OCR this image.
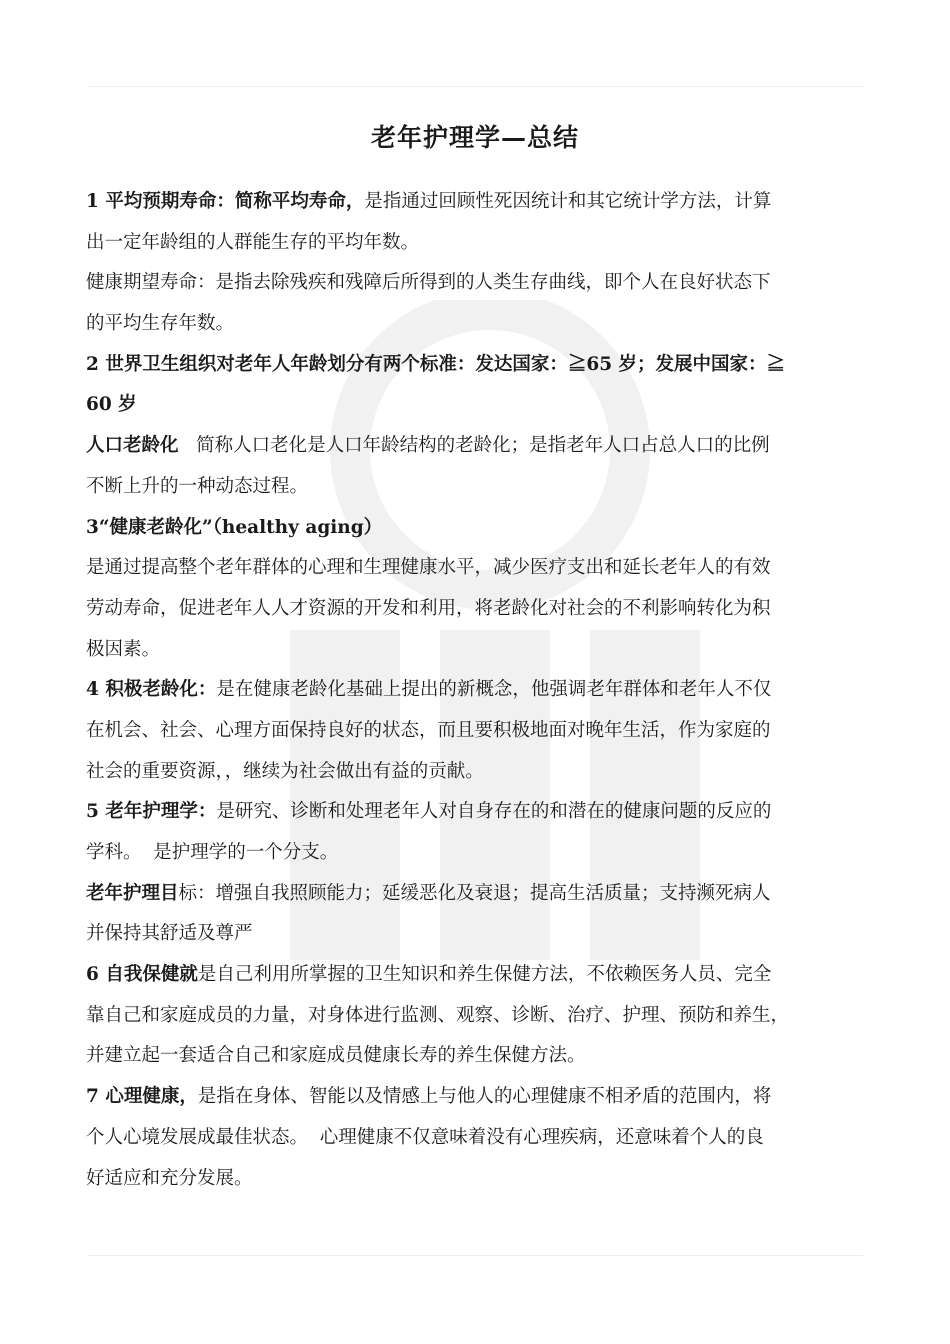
老年护理学—总结
1 平均预期寿命：简称平均寿命，是指通过回顾性死因统计和其它统计学方法，计算
出一定年龄组的人群能生存的平均年数。
健康期望寿命：是指去除残疾和残障后所得到的人类生存曲线，即个人在良好状态下
的平均生存年数。
2 世界卫生组织对老年人年龄划分有两个标准：发达国家：≧65 岁；发展中国家：≧
60 岁
人口老龄化   简称人口老化是人口年龄结构的老龄化；是指老年人口占总人口的比例
不断上升的一种动态过程。
3“健康老龄化”（healthy aging）
是通过提高整个老年群体的心理和生理健康水平，减少医疗支出和延长老年人的有效
劳动寿命，促进老年人人才资源的开发和利用，将老龄化对社会的不利影响转化为积
极因素。
4 积极老龄化：是在健康老龄化基础上提出的新概念，他强调老年群体和老年人不仅
在机会、社会、心理方面保持良好的状态，而且要积极地面对晚年生活，作为家庭的
社会的重要资源，，继续为社会做出有益的贡献。
5 老年护理学：是研究、诊断和处理老年人对自身存在的和潜在的健康问题的反应的
学科。  是护理学的一个分支。
老年护理目标：增强自我照顾能力；延缓恶化及衰退；提高生活质量；支持濒死病人
并保持其舒适及尊严
6 自我保健就是自己利用所掌握的卫生知识和养生保健方法，不依赖医务人员、完全
靠自己和家庭成员的力量，对身体进行监测、观察、诊断、治疗、护理、预防和养生，
并建立起一套适合自己和家庭成员健康长寿的养生保健方法。
7 心理健康，是指在身体、智能以及情感上与他人的心理健康不相矛盾的范围内，将
个人心境发展成最佳状态。  心理健康不仅意味着没有心理疾病，还意味着个人的良
好适应和充分发展。
